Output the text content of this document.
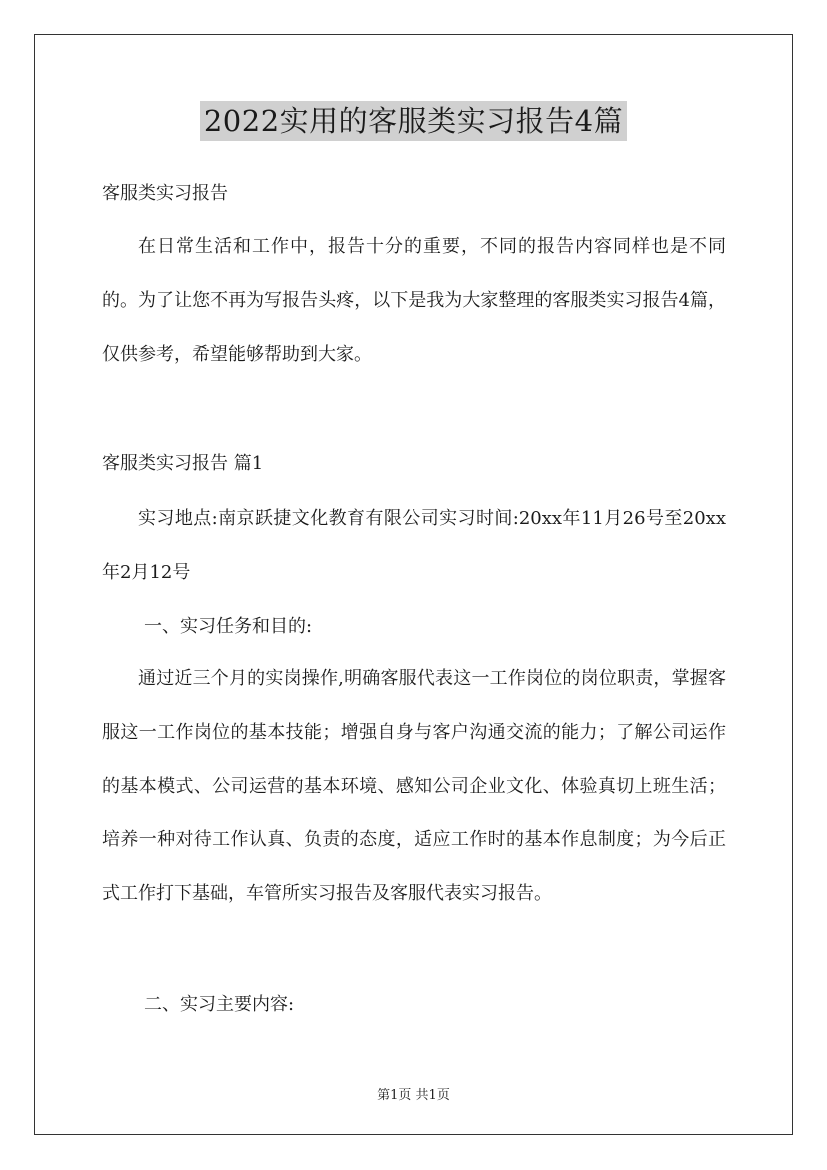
2022实用的客服类实习报告4篇
客服类实习报告
在日常生活和工作中，报告十分的重要，不同的报告内容同样也是不同的。为了让您不再为写报告头疼，以下是我为大家整理的客服类实习报告4篇，仅供参考，希望能够帮助到大家。
客服类实习报告 篇1
实习地点:南京跃捷文化教育有限公司实习时间:20xx年11月26号至20xx年2月12号
一、实习任务和目的:
通过近三个月的实岗操作,明确客服代表这一工作岗位的岗位职责，掌握客服这一工作岗位的基本技能；增强自身与客户沟通交流的能力；了解公司运作的基本模式、公司运营的基本环境、感知公司企业文化、体验真切上班生活；培养一种对待工作认真、负责的态度，适应工作时的基本作息制度；为今后正式工作打下基础，车管所实习报告及客服代表实习报告。
二、实习主要内容:
第1页 共1页
